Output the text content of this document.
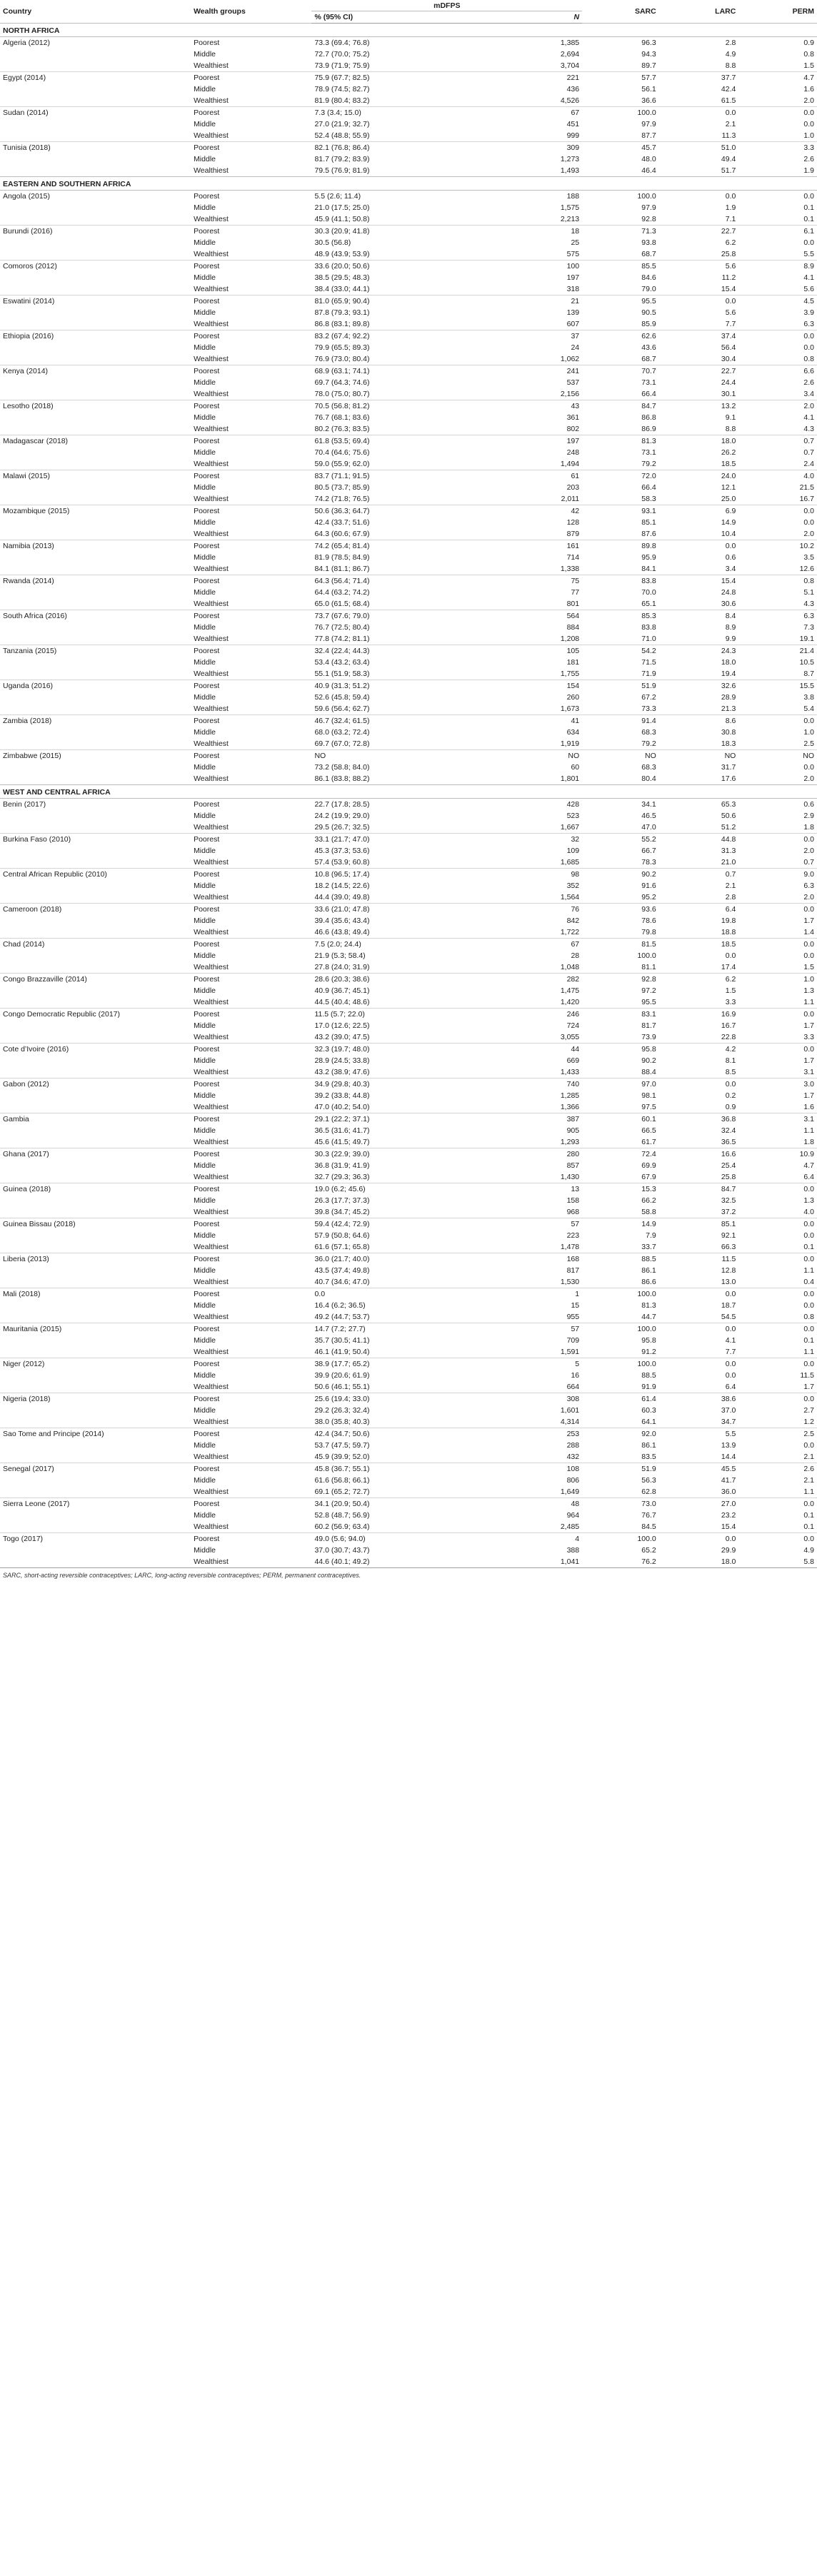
Country	Wealth groups	mDFPS		SARC	LARC	PERM
		% (95% CI)	N			
NORTH AFRICA						
Algeria (2012)	Poorest	73.3 (69.4; 76.8)	1,385	96.3	2.8	0.9
	Middle	72.7 (70.0; 75.2)	2,694	94.3	4.9	0.8
	Wealthiest	73.9 (71.9; 75.9)	3,704	89.7	8.8	1.5
Egypt (2014)	Poorest	75.9 (67.7; 82.5)	221	57.7	37.7	4.7
	Middle	78.9 (74.5; 82.7)	436	56.1	42.4	1.6
	Wealthiest	81.9 (80.4; 83.2)	4,526	36.6	61.5	2.0
Sudan (2014)	Poorest	7.3 (3.4; 15.0)	67	100.0	0.0	0.0
	Middle	27.0 (21.9; 32.7)	451	97.9	2.1	0.0
	Wealthiest	52.4 (48.8; 55.9)	999	87.7	11.3	1.0
Tunisia (2018)	Poorest	82.1 (76.8; 86.4)	309	45.7	51.0	3.3
	Middle	81.7 (79.2; 83.9)	1,273	48.0	49.4	2.6
	Wealthiest	79.5 (76.9; 81.9)	1,493	46.4	51.7	1.9
EASTERN AND SOUTHERN AFRICA						
Angola (2015)	Poorest	5.5 (2.6; 11.4)	188	100.0	0.0	0.0
	Middle	21.0 (17.5; 25.0)	1,575	97.9	1.9	0.1
	Wealthiest	45.9 (41.1; 50.8)	2,213	92.8	7.1	0.1
Burundi (2016)	Poorest	30.3 (20.9; 41.8)	18	71.3	22.7	6.1
	Middle	30.5 (56.8)	25	93.8	6.2	0.0
	Wealthiest	48.9 (43.9; 53.9)	575	68.7	25.8	5.5
Comoros (2012)	Poorest	33.6 (20.0; 50.6)	100	85.5	5.6	8.9
	Middle	38.5 (29.5; 48.3)	197	84.6	11.2	4.1
	Wealthiest	38.4 (33.0; 44.1)	318	79.0	15.4	5.6
Eswatini (2014)	Poorest	81.0 (65.9; 90.4)	21	95.5	0.0	4.5
	Middle	87.8 (79.3; 93.1)	139	90.5	5.6	3.9
	Wealthiest	86.8 (83.1; 89.8)	607	85.9	7.7	6.3
Ethiopia (2016)	Poorest	83.2 (67.4; 92.2)	37	62.6	37.4	0.0
	Middle	79.9 (65.5; 89.3)	24	43.6	56.4	0.0
	Wealthiest	76.9 (73.0; 80.4)	1,062	68.7	30.4	0.8
Kenya (2014)	Poorest	68.9 (63.1; 74.1)	241	70.7	22.7	6.6
	Middle	69.7 (64.3; 74.6)	537	73.1	24.4	2.6
	Wealthiest	78.0 (75.0; 80.7)	2,156	66.4	30.1	3.4
Lesotho (2018)	Poorest	70.5 (56.8; 81.2)	43	84.7	13.2	2.0
	Middle	76.7 (68.1; 83.6)	361	86.8	9.1	4.1
	Wealthiest	80.2 (76.3; 83.5)	802	86.9	8.8	4.3
Madagascar (2018)	Poorest	61.8 (53.5; 69.4)	197	81.3	18.0	0.7
	Middle	70.4 (64.6; 75.6)	248	73.1	26.2	0.7
	Wealthiest	59.0 (55.9; 62.0)	1,494	79.2	18.5	2.4
Malawi (2015)	Poorest	83.7 (71.1; 91.5)	61	72.0	24.0	4.0
	Middle	80.5 (73.7; 85.9)	203	66.4	12.1	21.5
	Wealthiest	74.2 (71.8; 76.5)	2,011	58.3	25.0	16.7
Mozambique (2015)	Poorest	50.6 (36.3; 64.7)	42	93.1	6.9	0.0
	Middle	42.4 (33.7; 51.6)	128	85.1	14.9	0.0
	Wealthiest	64.3 (60.6; 67.9)	879	87.6	10.4	2.0
Namibia (2013)	Poorest	74.2 (65.4; 81.4)	161	89.8	0.0	10.2
	Middle	81.9 (78.5; 84.9)	714	95.9	0.6	3.5
	Wealthiest	84.1 (81.1; 86.7)	1,338	84.1	3.4	12.6
Rwanda (2014)	Poorest	64.3 (56.4; 71.4)	75	83.8	15.4	0.8
	Middle	64.4 (63.2; 74.2)	77	70.0	24.8	5.1
	Wealthiest	65.0 (61.5; 68.4)	801	65.1	30.6	4.3
South Africa (2016)	Poorest	73.7 (67.6; 79.0)	564	85.3	8.4	6.3
	Middle	76.7 (72.5; 80.4)	884	83.8	8.9	7.3
	Wealthiest	77.8 (74.2; 81.1)	1,208	71.0	9.9	19.1
Tanzania (2015)	Poorest	32.4 (22.4; 44.3)	105	54.2	24.3	21.4
	Middle	53.4 (43.2; 63.4)	181	71.5	18.0	10.5
	Wealthiest	55.1 (51.9; 58.3)	1,755	71.9	19.4	8.7
Uganda (2016)	Poorest	40.9 (31.3; 51.2)	154	51.9	32.6	15.5
	Middle	52.6 (45.8; 59.4)	260	67.2	28.9	3.8
	Wealthiest	59.6 (56.4; 62.7)	1,673	73.3	21.3	5.4
Zambia (2018)	Poorest	46.7 (32.4; 61.5)	41	91.4	8.6	0.0
	Middle	68.0 (63.2; 72.4)	634	68.3	30.8	1.0
	Wealthiest	69.7 (67.0; 72.8)	1,919	79.2	18.3	2.5
Zimbabwe (2015)	Poorest	NO	NO	NO	NO	NO
	Middle	73.2 (58.8; 84.0)	60	68.3	31.7	0.0
	Wealthiest	86.1 (83.8; 88.2)	1,801	80.4	17.6	2.0
WEST AND CENTRAL AFRICA						
Benin (2017)	Poorest	22.7 (17.8; 28.5)	428	34.1	65.3	0.6
	Middle	24.2 (19.9; 29.0)	523	46.5	50.6	2.9
	Wealthiest	29.5 (26.7; 32.5)	1,667	47.0	51.2	1.8
Burkina Faso (2010)	Poorest	33.1 (21.7; 47.0)	32	55.2	44.8	0.0
	Middle	45.3 (37.3; 53.6)	109	66.7	31.3	2.0
	Wealthiest	57.4 (53.9; 60.8)	1,685	78.3	21.0	0.7
Central African Republic (2010)	Poorest	10.8 (96.5; 17.4)	98	90.2	0.7	9.0
	Middle	18.2 (14.5; 22.6)	352	91.6	2.1	6.3
	Wealthiest	44.4 (39.0; 49.8)	1,564	95.2	2.8	2.0
Cameroon (2018)	Poorest	33.6 (21.0; 47.8)	76	93.6	6.4	0.0
	Middle	39.4 (35.6; 43.4)	842	78.6	19.8	1.7
	Wealthiest	46.6 (43.8; 49.4)	1,722	79.8	18.8	1.4
Chad (2014)	Poorest	7.5 (2.0; 24.4)	67	81.5	18.5	0.0
	Middle	21.9 (5.3; 58.4)	28	100.0	0.0	0.0
	Wealthiest	27.8 (24.0; 31.9)	1,048	81.1	17.4	1.5
Congo Brazzaville (2014)	Poorest	28.6 (20.3; 38.6)	282	92.8	6.2	1.0
	Middle	40.9 (36.7; 45.1)	1,475	97.2	1.5	1.3
	Wealthiest	44.5 (40.4; 48.6)	1,420	95.5	3.3	1.1
Congo Democratic Republic (2017)	Poorest	11.5 (5.7; 22.0)	246	83.1	16.9	0.0
	Middle	17.0 (12.6; 22.5)	724	81.7	16.7	1.7
	Wealthiest	43.2 (39.0; 47.5)	3,055	73.9	22.8	3.3
Cote d’Ivoire (2016)	Poorest	32.3 (19.7; 48.0)	44	95.8	4.2	0.0
	Middle	28.9 (24.5; 33.8)	669	90.2	8.1	1.7
	Wealthiest	43.2 (38.9; 47.6)	1,433	88.4	8.5	3.1
Gabon (2012)	Poorest	34.9 (29.8; 40.3)	740	97.0	0.0	3.0
	Middle	39.2 (33.8; 44.8)	1,285	98.1	0.2	1.7
	Wealthiest	47.0 (40.2; 54.0)	1,366	97.5	0.9	1.6
Gambia	Poorest	29.1 (22.2; 37.1)	387	60.1	36.8	3.1
	Middle	36.5 (31.6; 41.7)	905	66.5	32.4	1.1
	Wealthiest	45.6 (41.5; 49.7)	1,293	61.7	36.5	1.8
Ghana (2017)	Poorest	30.3 (22.9; 39.0)	280	72.4	16.6	10.9
	Middle	36.8 (31.9; 41.9)	857	69.9	25.4	4.7
	Wealthiest	32.7 (29.3; 36.3)	1,430	67.9	25.8	6.4
Guinea (2018)	Poorest	19.0 (6.2; 45.6)	13	15.3	84.7	0.0
	Middle	26.3 (17.7; 37.3)	158	66.2	32.5	1.3
	Wealthiest	39.8 (34.7; 45.2)	968	58.8	37.2	4.0
Guinea Bissau (2018)	Poorest	59.4 (42.4; 72.9)	57	14.9	85.1	0.0
	Middle	57.9 (50.8; 64.6)	223	7.9	92.1	0.0
	Wealthiest	61.6 (57.1; 65.8)	1,478	33.7	66.3	0.1
Liberia (2013)	Poorest	36.0 (21.7; 40.0)	168	88.5	11.5	0.0
	Middle	43.5 (37.4; 49.8)	817	86.1	12.8	1.1
	Wealthiest	40.7 (34.6; 47.0)	1,530	86.6	13.0	0.4
Mali (2018)	Poorest	0.0	1	100.0	0.0	0.0
	Middle	16.4 (6.2; 36.5)	15	81.3	18.7	0.0
	Wealthiest	49.2 (44.7; 53.7)	955	44.7	54.5	0.8
Mauritania (2015)	Poorest	14.7 (7.2; 27.7)	57	100.0	0.0	0.0
	Middle	35.7 (30.5; 41.1)	709	95.8	4.1	0.1
	Wealthiest	46.1 (41.9; 50.4)	1,591	91.2	7.7	1.1
Niger (2012)	Poorest	38.9 (17.7; 65.2)	5	100.0	0.0	0.0
	Middle	39.9 (20.6; 61.9)	16	88.5	0.0	11.5
	Wealthiest	50.6 (46.1; 55.1)	664	91.9	6.4	1.7
Nigeria (2018)	Poorest	25.6 (19.4; 33.0)	308	61.4	38.6	0.0
	Middle	29.2 (26.3; 32.4)	1,601	60.3	37.0	2.7
	Wealthiest	38.0 (35.8; 40.3)	4,314	64.1	34.7	1.2
Sao Tome and Principe (2014)	Poorest	42.4 (34.7; 50.6)	253	92.0	5.5	2.5
	Middle	53.7 (47.5; 59.7)	288	86.1	13.9	0.0
	Wealthiest	45.9 (39.9; 52.0)	432	83.5	14.4	2.1
Senegal (2017)	Poorest	45.8 (36.7; 55.1)	108	51.9	45.5	2.6
	Middle	61.6 (56.8; 66.1)	806	56.3	41.7	2.1
	Wealthiest	69.1 (65.2; 72.7)	1,649	62.8	36.0	1.1
Sierra Leone (2017)	Poorest	34.1 (20.9; 50.4)	48	73.0	27.0	0.0
	Middle	52.8 (48.7; 56.9)	964	76.7	23.2	0.1
	Wealthiest	60.2 (56.9; 63.4)	2,485	84.5	15.4	0.1
Togo (2017)	Poorest	49.0 (5.6; 94.0)	4	100.0	0.0	0.0
	Middle	37.0 (30.7; 43.7)	388	65.2	29.9	4.9
	Wealthiest	44.6 (40.1; 49.2)	1,041	76.2	18.0	5.8
SARC, short-acting reversible contraceptives; LARC, long-acting reversible contraceptives; PERM, permanent contraceptives.
